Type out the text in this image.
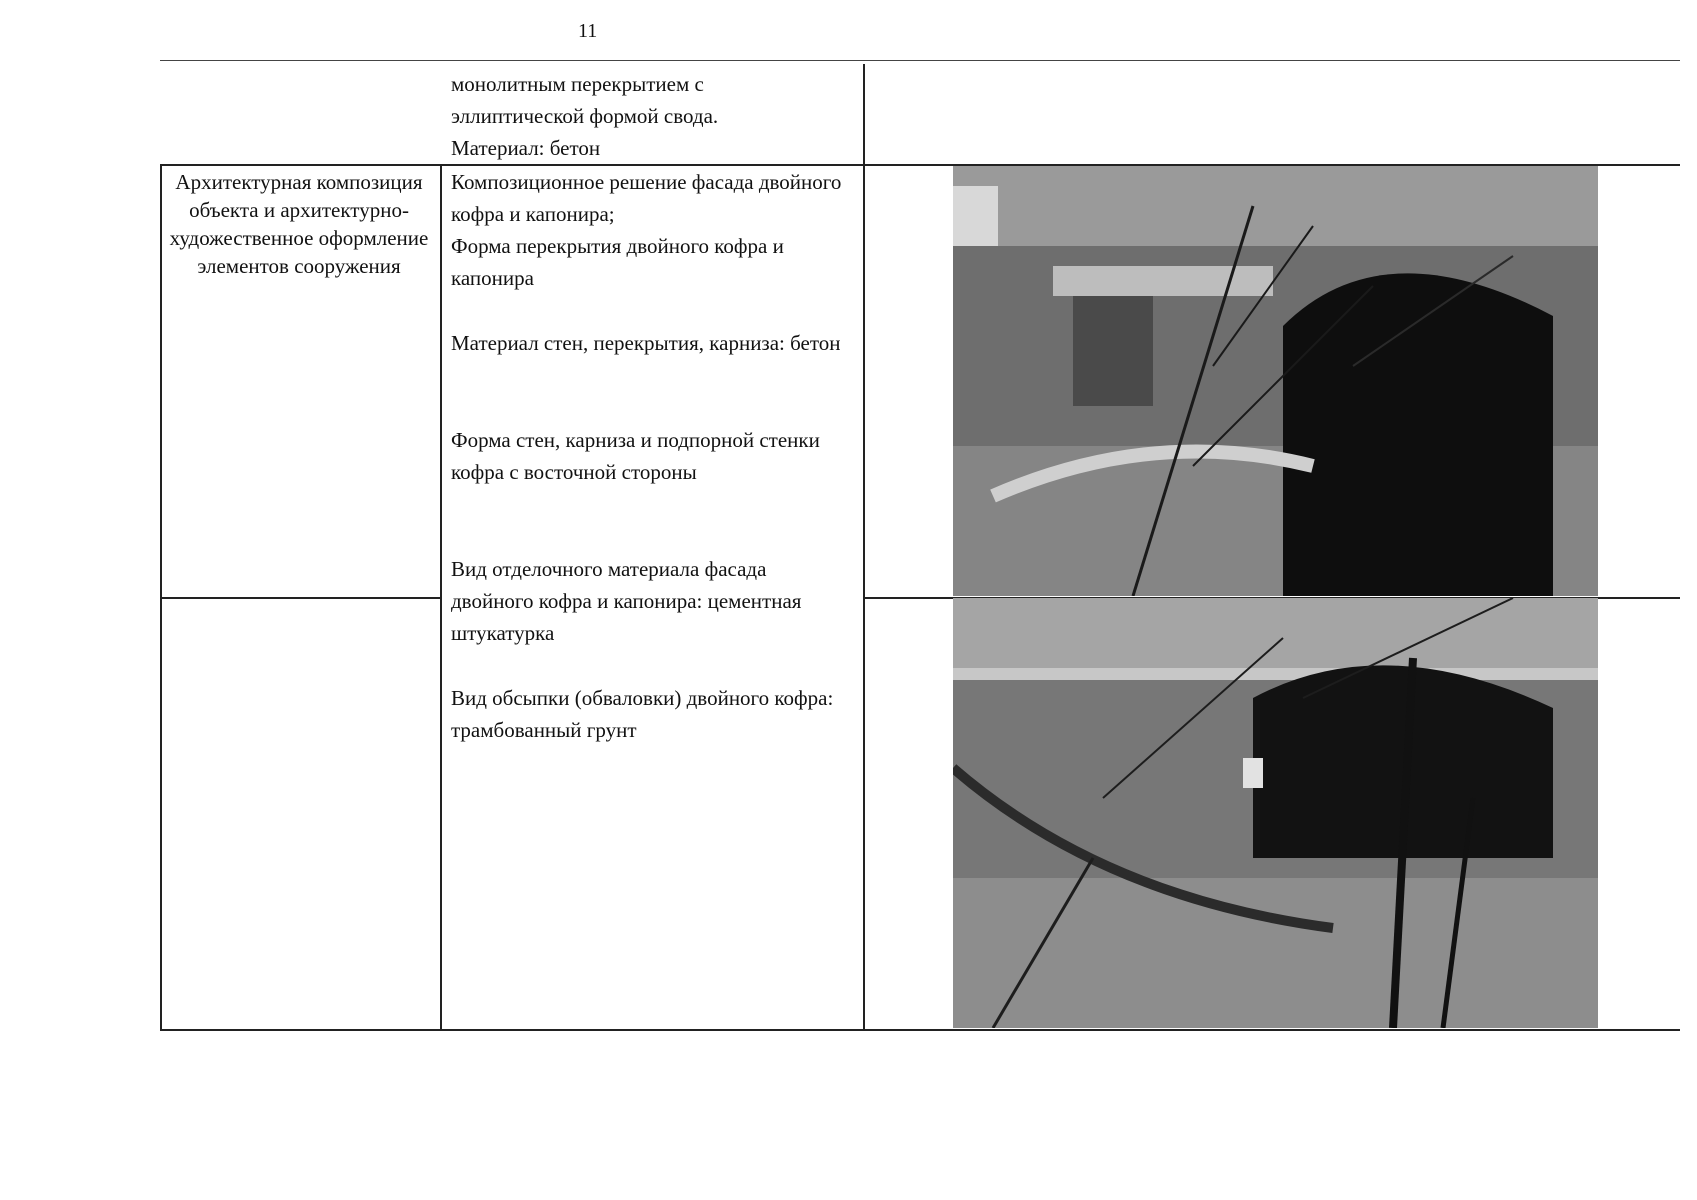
11
монолитным перекрытием с
эллиптической формой свода.
Материал: бетон
Архитектурная композиция объекта и архитектурно-художественное оформление элементов сооружения
Композиционное решение фасада двойного кофра и капонира;
Форма перекрытия двойного кофра и капонира
Материал стен, перекрытия, карниза: бетон
Форма стен, карниза и подпорной стенки кофра с восточной стороны
Вид отделочного материала фасада двойного кофра и капонира: цементная штукатурка
Вид обсыпки (обваловки) двойного кофра: трамбованный грунт
